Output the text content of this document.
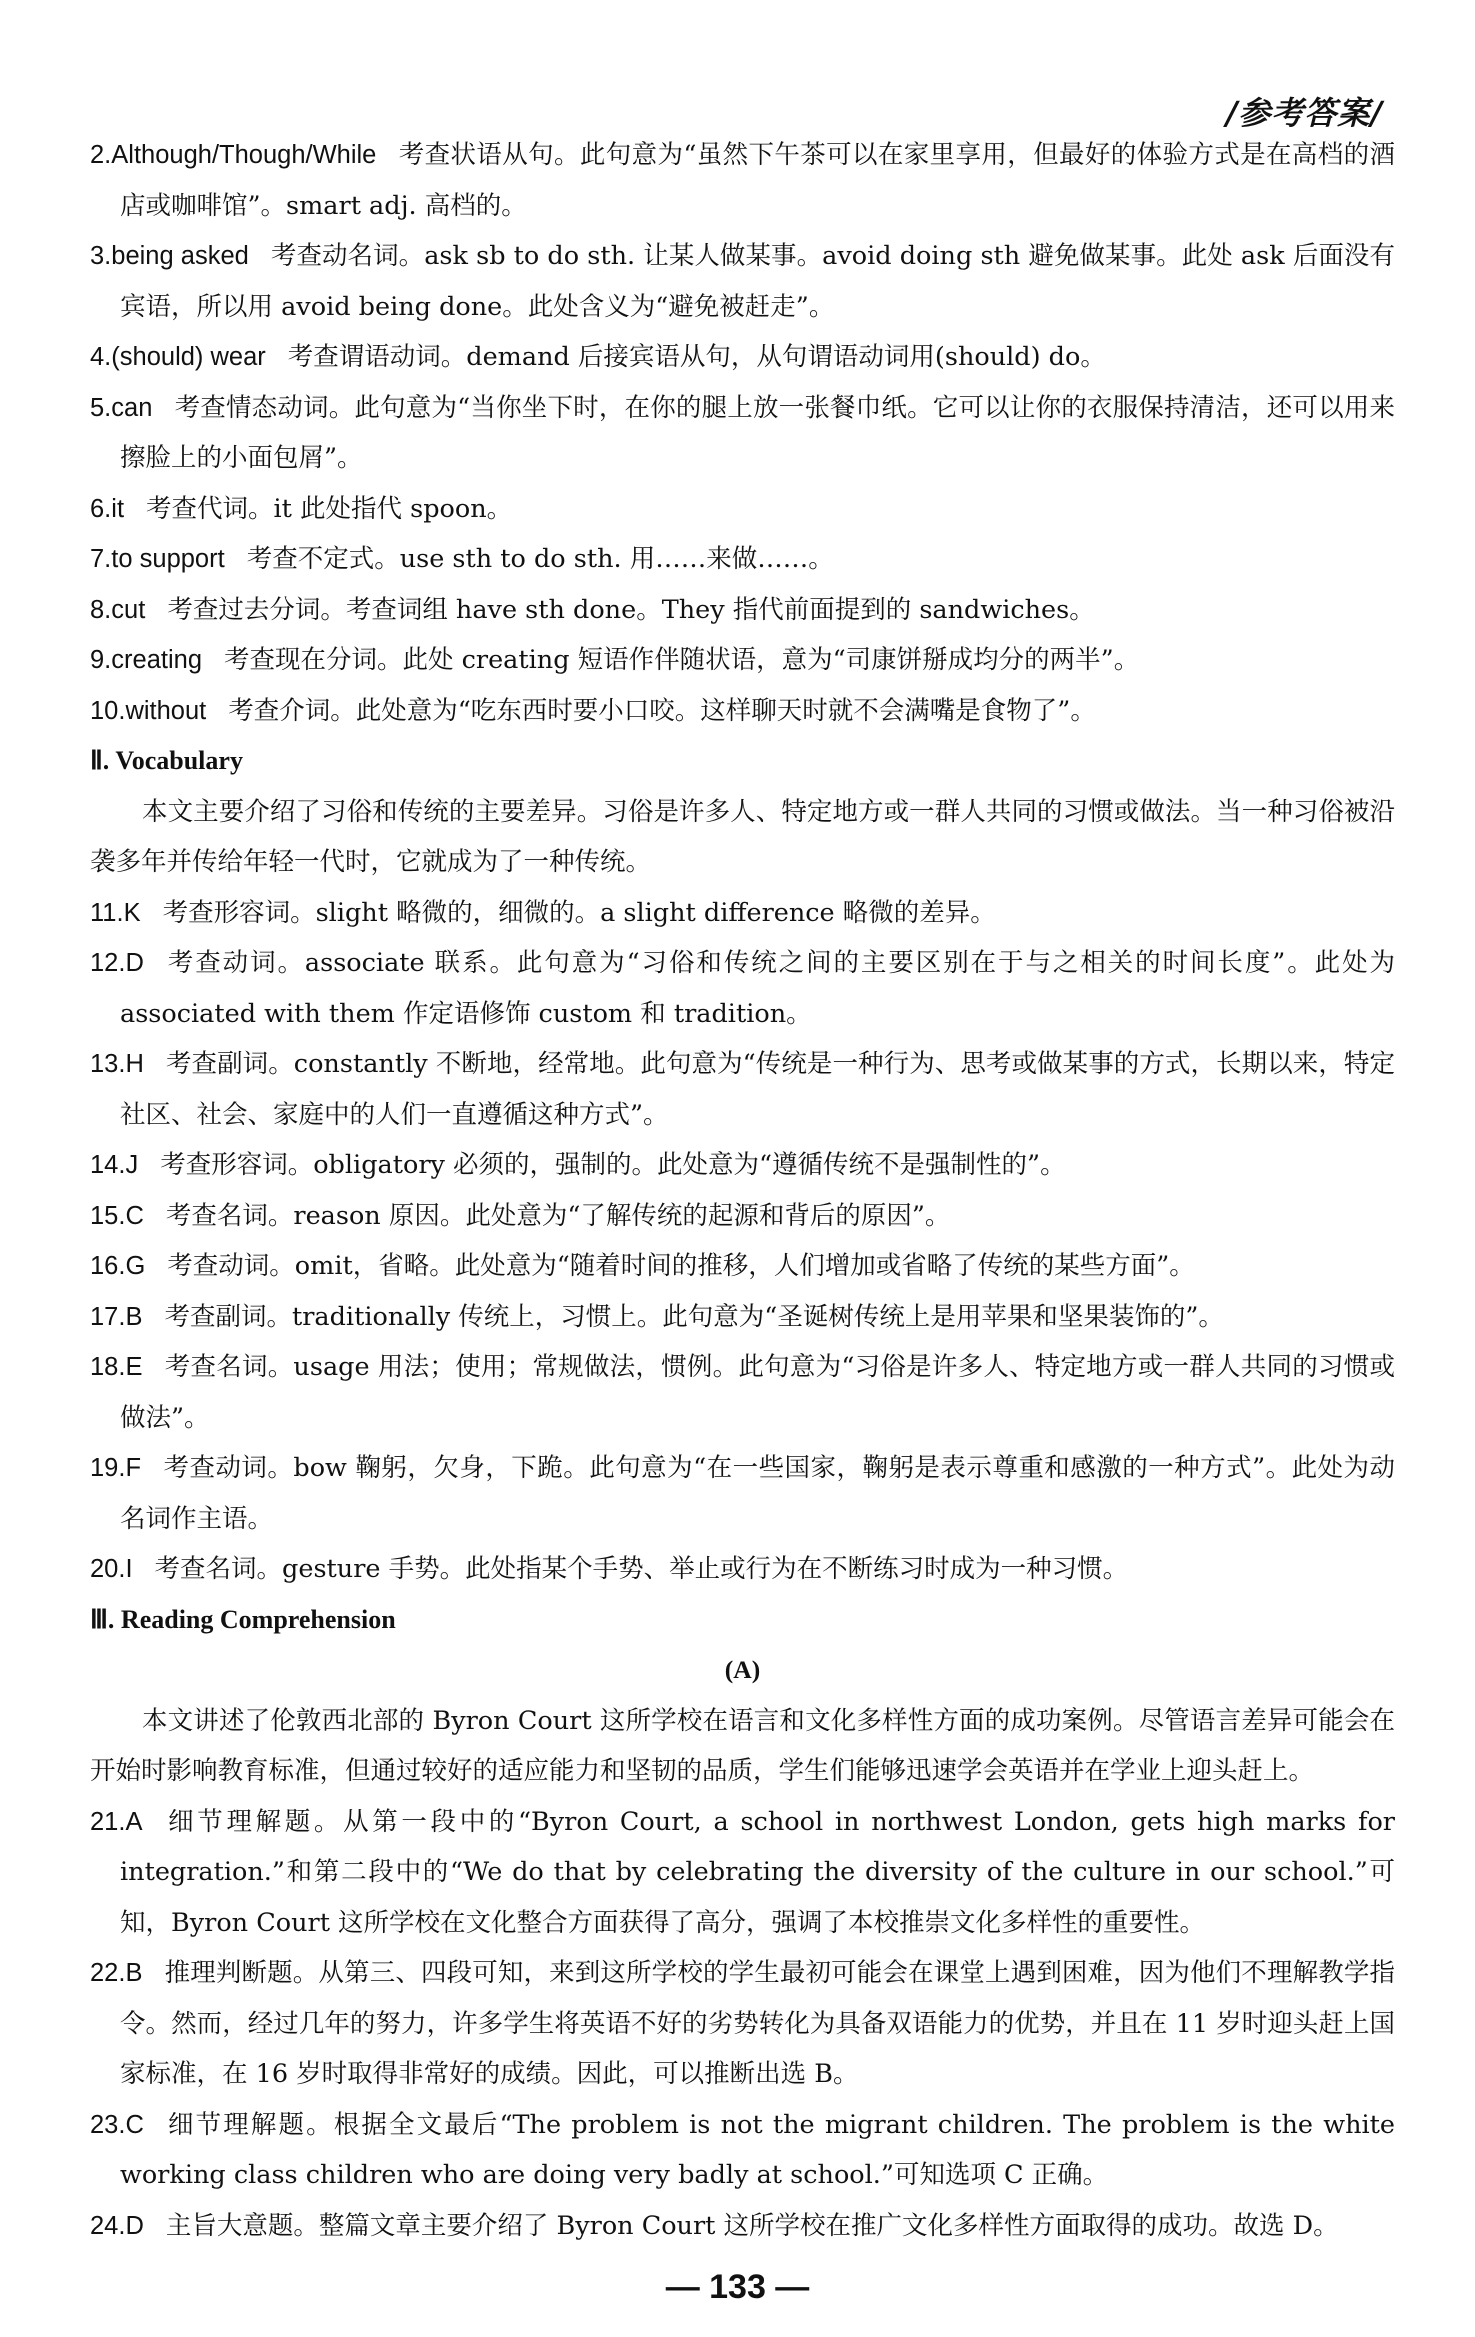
/参考答案/

2.Although/Though/While 考查状语从句。此句意为“虽然下午茶可以在家里享用，但最好的体验方式是在高档的酒店或咖啡馆”。smart adj. 高档的。

3.being asked 考查动名词。ask sb to do sth. 让某人做某事。avoid doing sth 避免做某事。此处 ask 后面没有宾语，所以用 avoid being done。此处含义为“避免被赶走”。

4.(should) wear 考查谓语动词。demand 后接宾语从句，从句谓语动词用(should) do。

5.can 考查情态动词。此句意为“当你坐下时，在你的腿上放一张餐巾纸。它可以让你的衣服保持清洁，还可以用来擦脸上的小面包屑”。

6.it 考查代词。it 此处指代 spoon。

7.to support 考查不定式。use sth to do sth. 用……来做……。

8.cut 考查过去分词。考查词组 have sth done。They 指代前面提到的 sandwiches。

9.creating 考查现在分词。此处 creating 短语作伴随状语，意为“司康饼掰成均分的两半”。

10.without 考查介词。此处意为“吃东西时要小口咬。这样聊天时就不会满嘴是食物了”。

Ⅱ. Vocabulary

本文主要介绍了习俗和传统的主要差异。习俗是许多人、特定地方或一群人共同的习惯或做法。当一种习俗被沿袭多年并传给年轻一代时，它就成为了一种传统。

11.K 考查形容词。slight 略微的，细微的。a slight difference 略微的差异。

12.D 考查动词。associate 联系。此句意为“习俗和传统之间的主要区别在于与之相关的时间长度”。此处为 associated with them 作定语修饰 custom 和 tradition。

13.H 考查副词。constantly 不断地，经常地。此句意为“传统是一种行为、思考或做某事的方式，长期以来，特定社区、社会、家庭中的人们一直遵循这种方式”。

14.J 考查形容词。obligatory 必须的，强制的。此处意为“遵循传统不是强制性的”。

15.C 考查名词。reason 原因。此处意为“了解传统的起源和背后的原因”。

16.G 考查动词。omit，省略。此处意为“随着时间的推移，人们增加或省略了传统的某些方面”。

17.B 考查副词。traditionally 传统上，习惯上。此句意为“圣诞树传统上是用苹果和坚果装饰的”。

18.E 考查名词。usage 用法；使用；常规做法，惯例。此句意为“习俗是许多人、特定地方或一群人共同的习惯或做法”。

19.F 考查动词。bow 鞠躬，欠身，下跪。此句意为“在一些国家，鞠躬是表示尊重和感激的一种方式”。此处为动名词作主语。

20.I 考查名词。gesture 手势。此处指某个手势、举止或行为在不断练习时成为一种习惯。

Ⅲ. Reading Comprehension

(A)

本文讲述了伦敦西北部的 Byron Court 这所学校在语言和文化多样性方面的成功案例。尽管语言差异可能会在开始时影响教育标准，但通过较好的适应能力和坚韧的品质，学生们能够迅速学会英语并在学业上迎头赶上。

21.A 细节理解题。从第一段中的“Byron Court, a school in northwest London, gets high marks for integration.”和第二段中的“We do that by celebrating the diversity of the culture in our school.”可知，Byron Court 这所学校在文化整合方面获得了高分，强调了本校推崇文化多样性的重要性。

22.B 推理判断题。从第三、四段可知，来到这所学校的学生最初可能会在课堂上遇到困难，因为他们不理解教学指令。然而，经过几年的努力，许多学生将英语不好的劣势转化为具备双语能力的优势，并且在 11 岁时迎头赶上国家标准，在 16 岁时取得非常好的成绩。因此，可以推断出选 B。

23.C 细节理解题。根据全文最后“The problem is not the migrant children. The problem is the white working class children who are doing very badly at school.”可知选项 C 正确。

24.D 主旨大意题。整篇文章主要介绍了 Byron Court 这所学校在推广文化多样性方面取得的成功。故选 D。

— 133 —
